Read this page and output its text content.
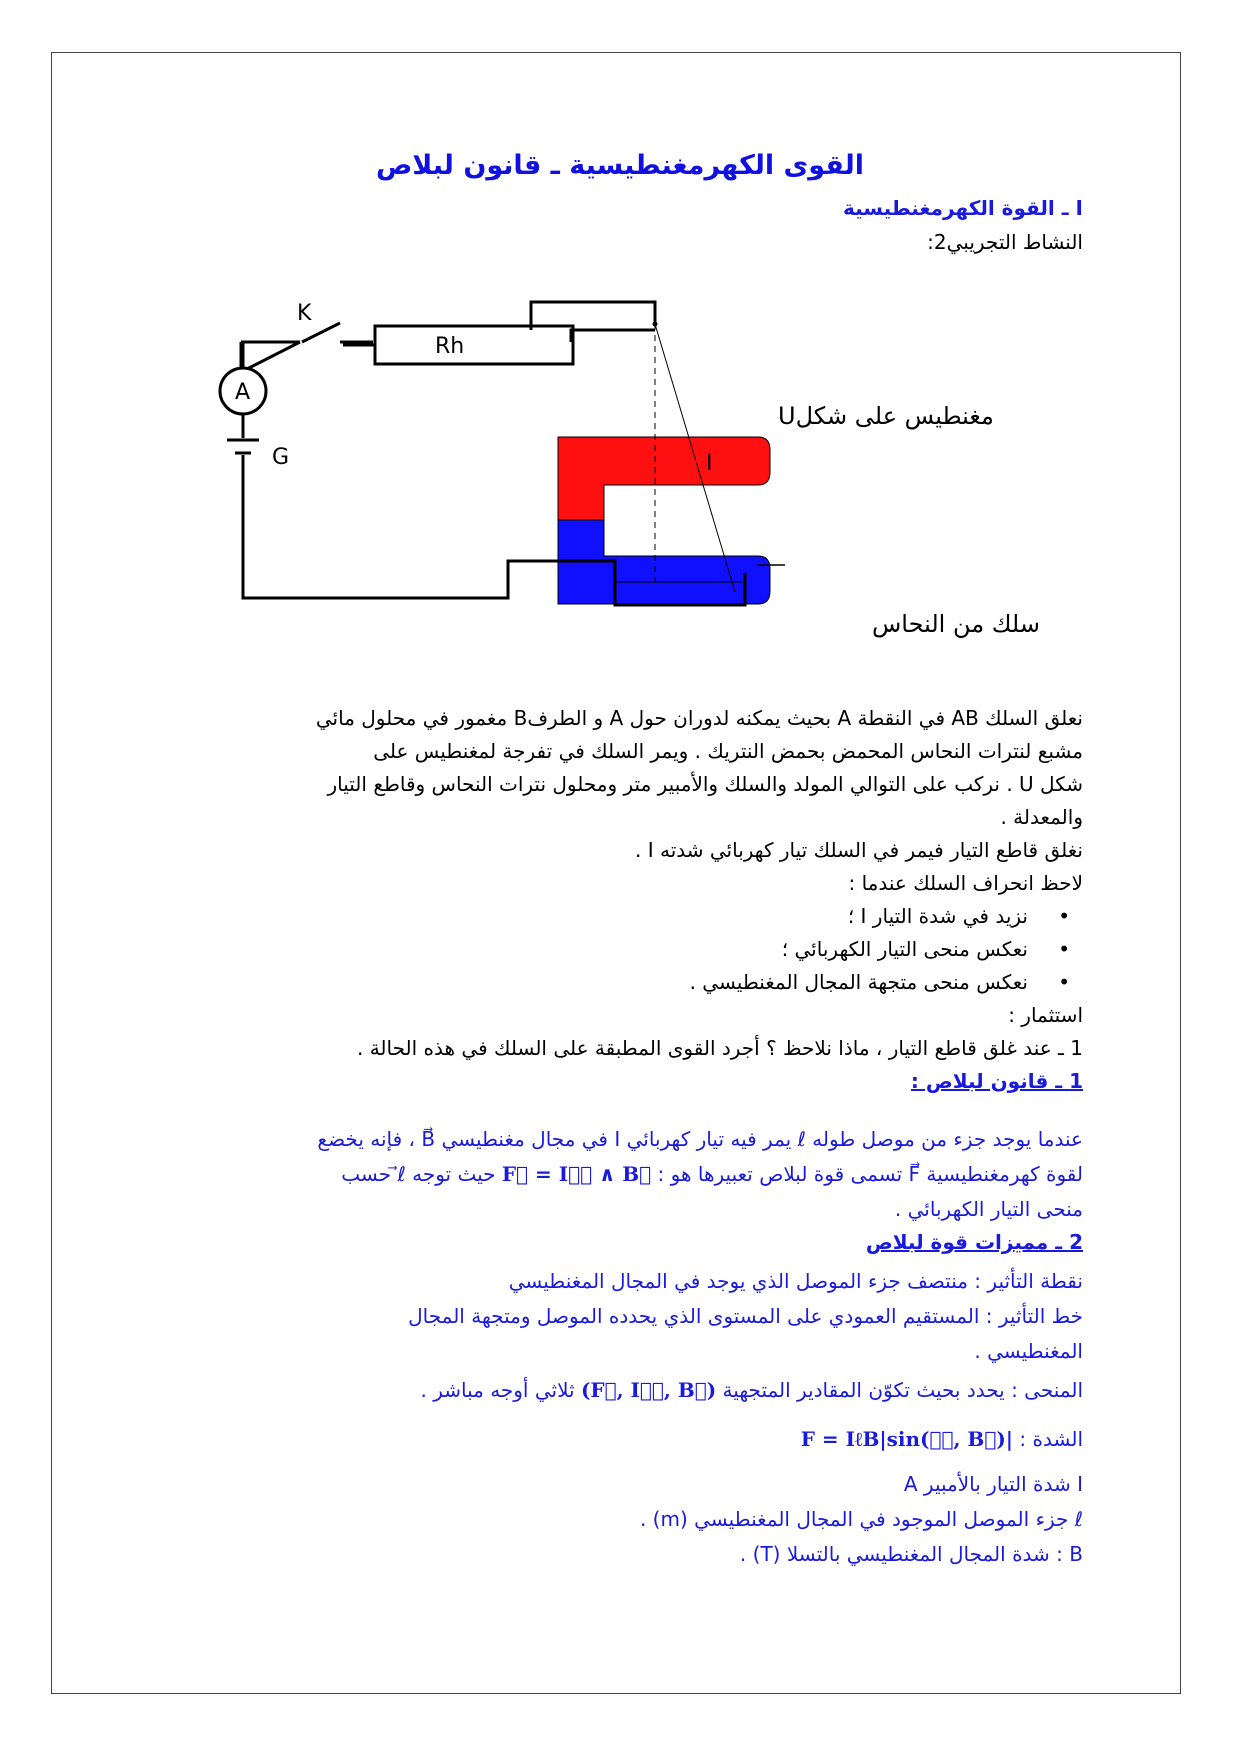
القوى الكهرمغنطيسية ـ قانون لبلاص
I ـ القوة الكهرمغنطيسية
النشاط التجريبي2:
K
Rh
A
G	I
مغنطيس على شكلU
سلك من النحاس
نعلق السلك AB في النقطة A بحيث يمكنه لدوران حول A و الطرفB مغمور في محلول مائي
مشبع لنترات النحاس المحمض بحمض النتريك . ويمر السلك في تفرجة لمغنطيس على
شكل U . نركب على التوالي المولد والسلك والأمبير متر ومحلول نترات النحاس وقاطع التيار
والمعدلة .
نغلق قاطع التيار فيمر في السلك تيار كهربائي شدته I .
لاحظ انحراف السلك عندما :
• نزيد في شدة التيار I ؛
• نعكس منحى التيار الكهربائي ؛
• نعكس منحى متجهة المجال المغنطيسي .
استثمار :
1 ـ عند غلق قاطع التيار ، ماذا نلاحظ ؟ أجرد القوى المطبقة على السلك في هذه الحالة .
1 ـ قانون لبلاص :
عندما يوجد جزء من موصل طوله ℓ يمر فيه تيار كهربائي I في مجال مغنطيسي B⃗ ، فإنه يخضع
لقوة كهرمغنطيسية F⃗ تسمى قوة لبلاص تعبيرها هو : F⃗ = Iℓ⃗ ∧ B⃗ حيث توجه ℓ⃗ حسب
منحى التيار الكهربائي .
2 ـ مميزات قوة لبلاص
نقطة التأثير : منتصف جزء الموصل الذي يوجد في المجال المغنطيسي
خط التأثير : المستقيم العمودي على المستوى الذي يحدده الموصل ومتجهة المجال
المغنطيسي .
المنحى : يحدد بحيث تكوّن المقادير المتجهية (F⃗, Iℓ⃗, B⃗) ثلاثي أوجه مباشر .
الشدة : F = IℓB|sin(ℓ⃗, B⃗)|
I شدة التيار بالأمبير A
ℓ جزء الموصل الموجود في المجال المغنطيسي (m) .
B : شدة المجال المغنطيسي بالتسلا (T) .
